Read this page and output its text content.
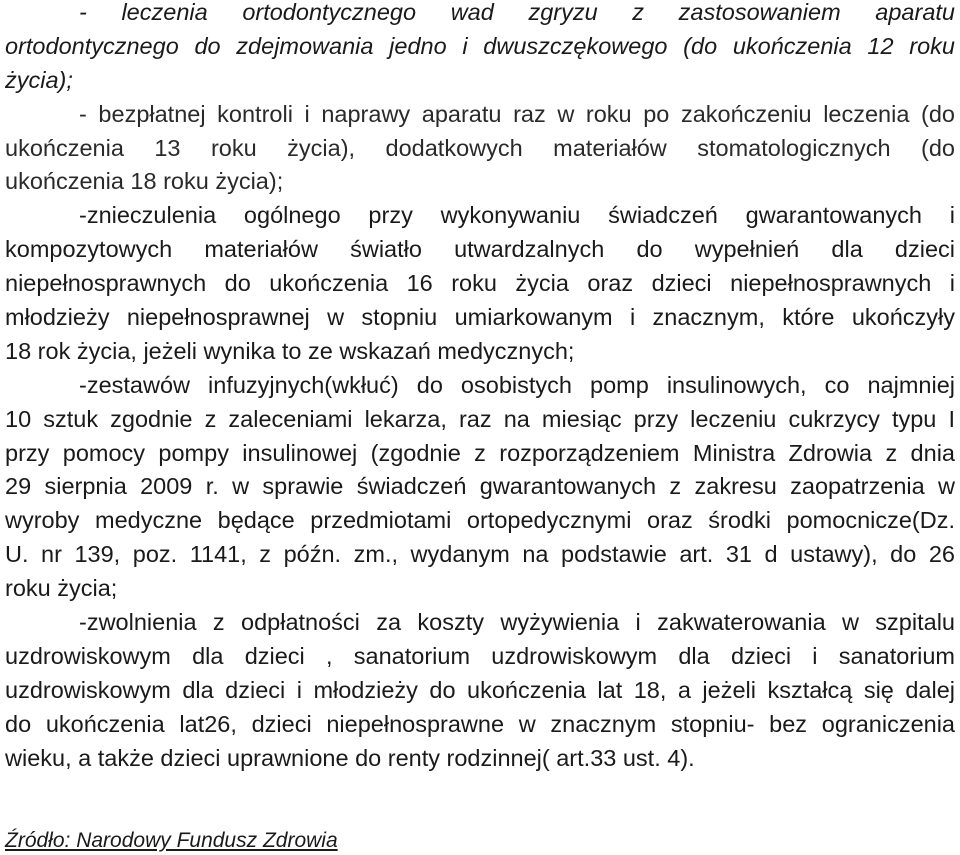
- leczenia ortodontycznego wad zgryzu z zastosowaniem aparatu
ortodontycznego do zdejmowania jedno i dwuszczękowego (do ukończenia 12 roku
życia);
- bezpłatnej kontroli i naprawy aparatu raz w roku po zakończeniu leczenia (do
ukończenia 13 roku życia), dodatkowych materiałów stomatologicznych (do
ukończenia 18 roku życia);
-znieczulenia ogólnego przy wykonywaniu świadczeń gwarantowanych i
kompozytowych materiałów światło utwardzalnych do wypełnień dla dzieci
niepełnosprawnych do ukończenia 16 roku życia oraz dzieci niepełnosprawnych i
młodzieży niepełnosprawnej w stopniu umiarkowanym i znacznym, które ukończyły
18 rok życia, jeżeli wynika to ze wskazań medycznych;
-zestawów infuzyjnych(wkłuć) do osobistych pomp insulinowych, co najmniej
10 sztuk zgodnie z zaleceniami lekarza, raz na miesiąc przy leczeniu cukrzycy typu I
przy pomocy pompy insulinowej (zgodnie z rozporządzeniem Ministra Zdrowia z dnia
29 sierpnia 2009 r. w sprawie świadczeń gwarantowanych z zakresu zaopatrzenia w
wyroby medyczne będące przedmiotami ortopedycznymi oraz środki pomocnicze(Dz.
U. nr 139, poz. 1141, z późn. zm., wydanym na podstawie art. 31 d ustawy), do 26
roku życia;
-zwolnienia z odpłatności za koszty wyżywienia i zakwaterowania w szpitalu
uzdrowiskowym dla dzieci , sanatorium uzdrowiskowym dla dzieci i sanatorium
uzdrowiskowym dla dzieci i młodzieży do ukończenia lat 18, a jeżeli kształcą się dalej
do ukończenia lat26, dzieci niepełnosprawne w znacznym stopniu- bez ograniczenia
wieku, a także dzieci uprawnione do renty rodzinnej( art.33 ust. 4).
Źródło: Narodowy Fundusz Zdrowia
